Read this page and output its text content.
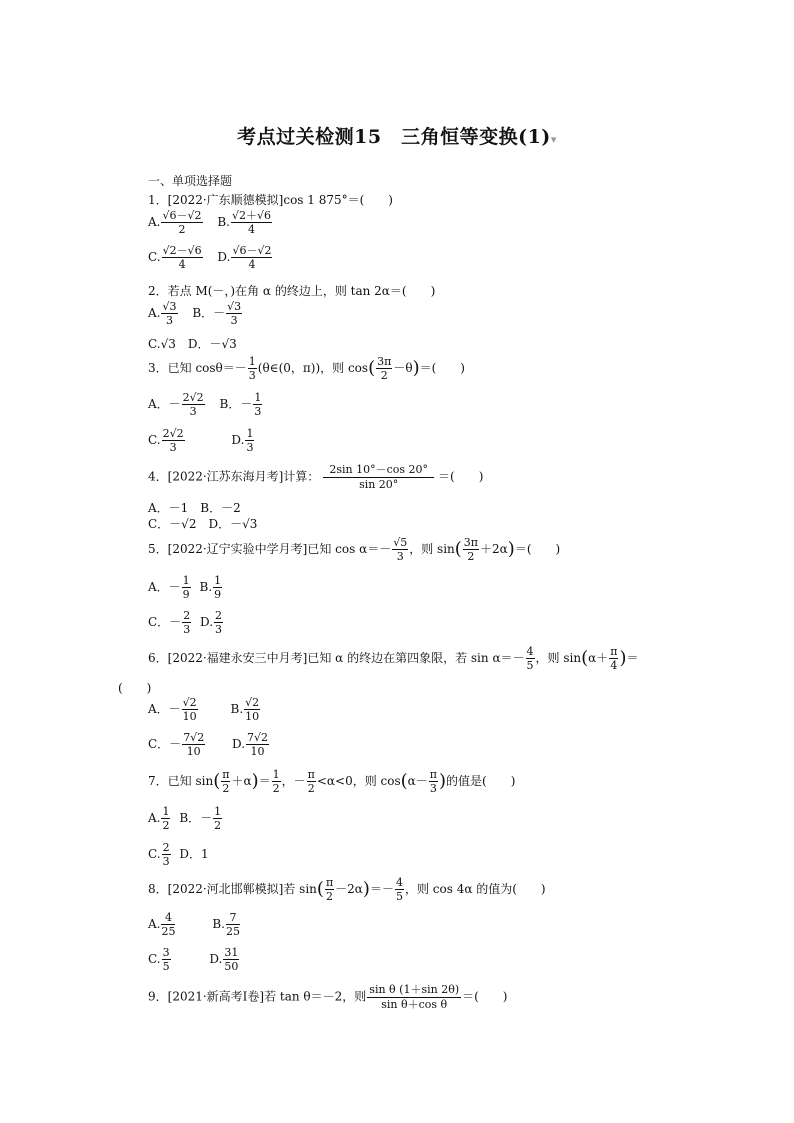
考点过关检测15　三角恒等变换(1)▾
一、单项选择题
1．[2022·广东顺德模拟]cos 1 875°＝(　　)
A. $\frac{√6-√2}{2} B$. $\frac{√2+√6}{4}$
C. $\frac{√2-√6}{4} D$. $\frac{√6-√2}{4}$
2．若点 M(－，)在角 α 的终边上，则 tan 2α＝(　　)
A. $\frac{√3}{3}$ B．－ $\frac{√3}{3}$
C.√3　 D．－√3
3．已知 $\cos\theta=- \frac{1}{3}$ (θ∈(0，π))，则 $\cos( \frac{3\pi}{2} -\theta)=$(　　)
A．－ $\frac{2√2}{3}$ B．－ $\frac{1}{3}$
C. $\frac{2√2}{3}$	D. $\frac{1}{3}$
4．[2022·江苏东海月考]计算： $\frac{2\sin 10^\circ-\cos 20^\circ}{\sin 20^\circ}$ ＝(　　)
A．－1　B．－2
C．－√2　D．－√3
5．[2022·辽宁实验中学月考]已知 $\cos \alpha=- \frac{√5}{3}$ ，则 $\sin( \frac{3\pi}{2} +2\alpha)=$(　　)
A．－ $\frac{1}{9} B$. $\frac{1}{9}$
C．－ $\frac{2}{3} D$. $\frac{2}{3}$
6．[2022·福建永安三中月考]已知 α 的终边在第四象限，若 $\sin \alpha=- \frac{4}{5}$ ，则 $\sin(\alpha+ \frac{\pi}{4}$ )＝
(　　)
A．－ $\frac{√2}{10}$	B. $\frac{√2}{10}$
C．－ $\frac{7√2}{10} D$. $\frac{7√2}{10}$
7．已知 $\sin( \frac{\pi}{2} +\alpha)= \frac{1}{2}$ ，－ $\frac{\pi}{2} <\alpha<0$，则 $\cos(\alpha- \frac{\pi}{3}$ )的值是(　　)
A. $\frac{1}{2}$ B．－ $\frac{1}{2}$
C. $\frac{2}{3}$ D．1
8．[2022·河北邯郸模拟]若 $\sin( \frac{\pi}{2} -2\alpha)=- \frac{4}{5}$ ，则 cos 4α 的值为(　　)
A. $\frac{4}{25}$	B. $\frac{7}{25}$
C. $\frac{3}{5}$	D. $\frac{31}{50}$
9．[2021·新高考Ⅰ卷]若 tan θ＝－2，则 $\frac{\text{sin θ (1＋sin 2θ)}}{\text{sin θ＋cos θ}}$ ＝(　　)
